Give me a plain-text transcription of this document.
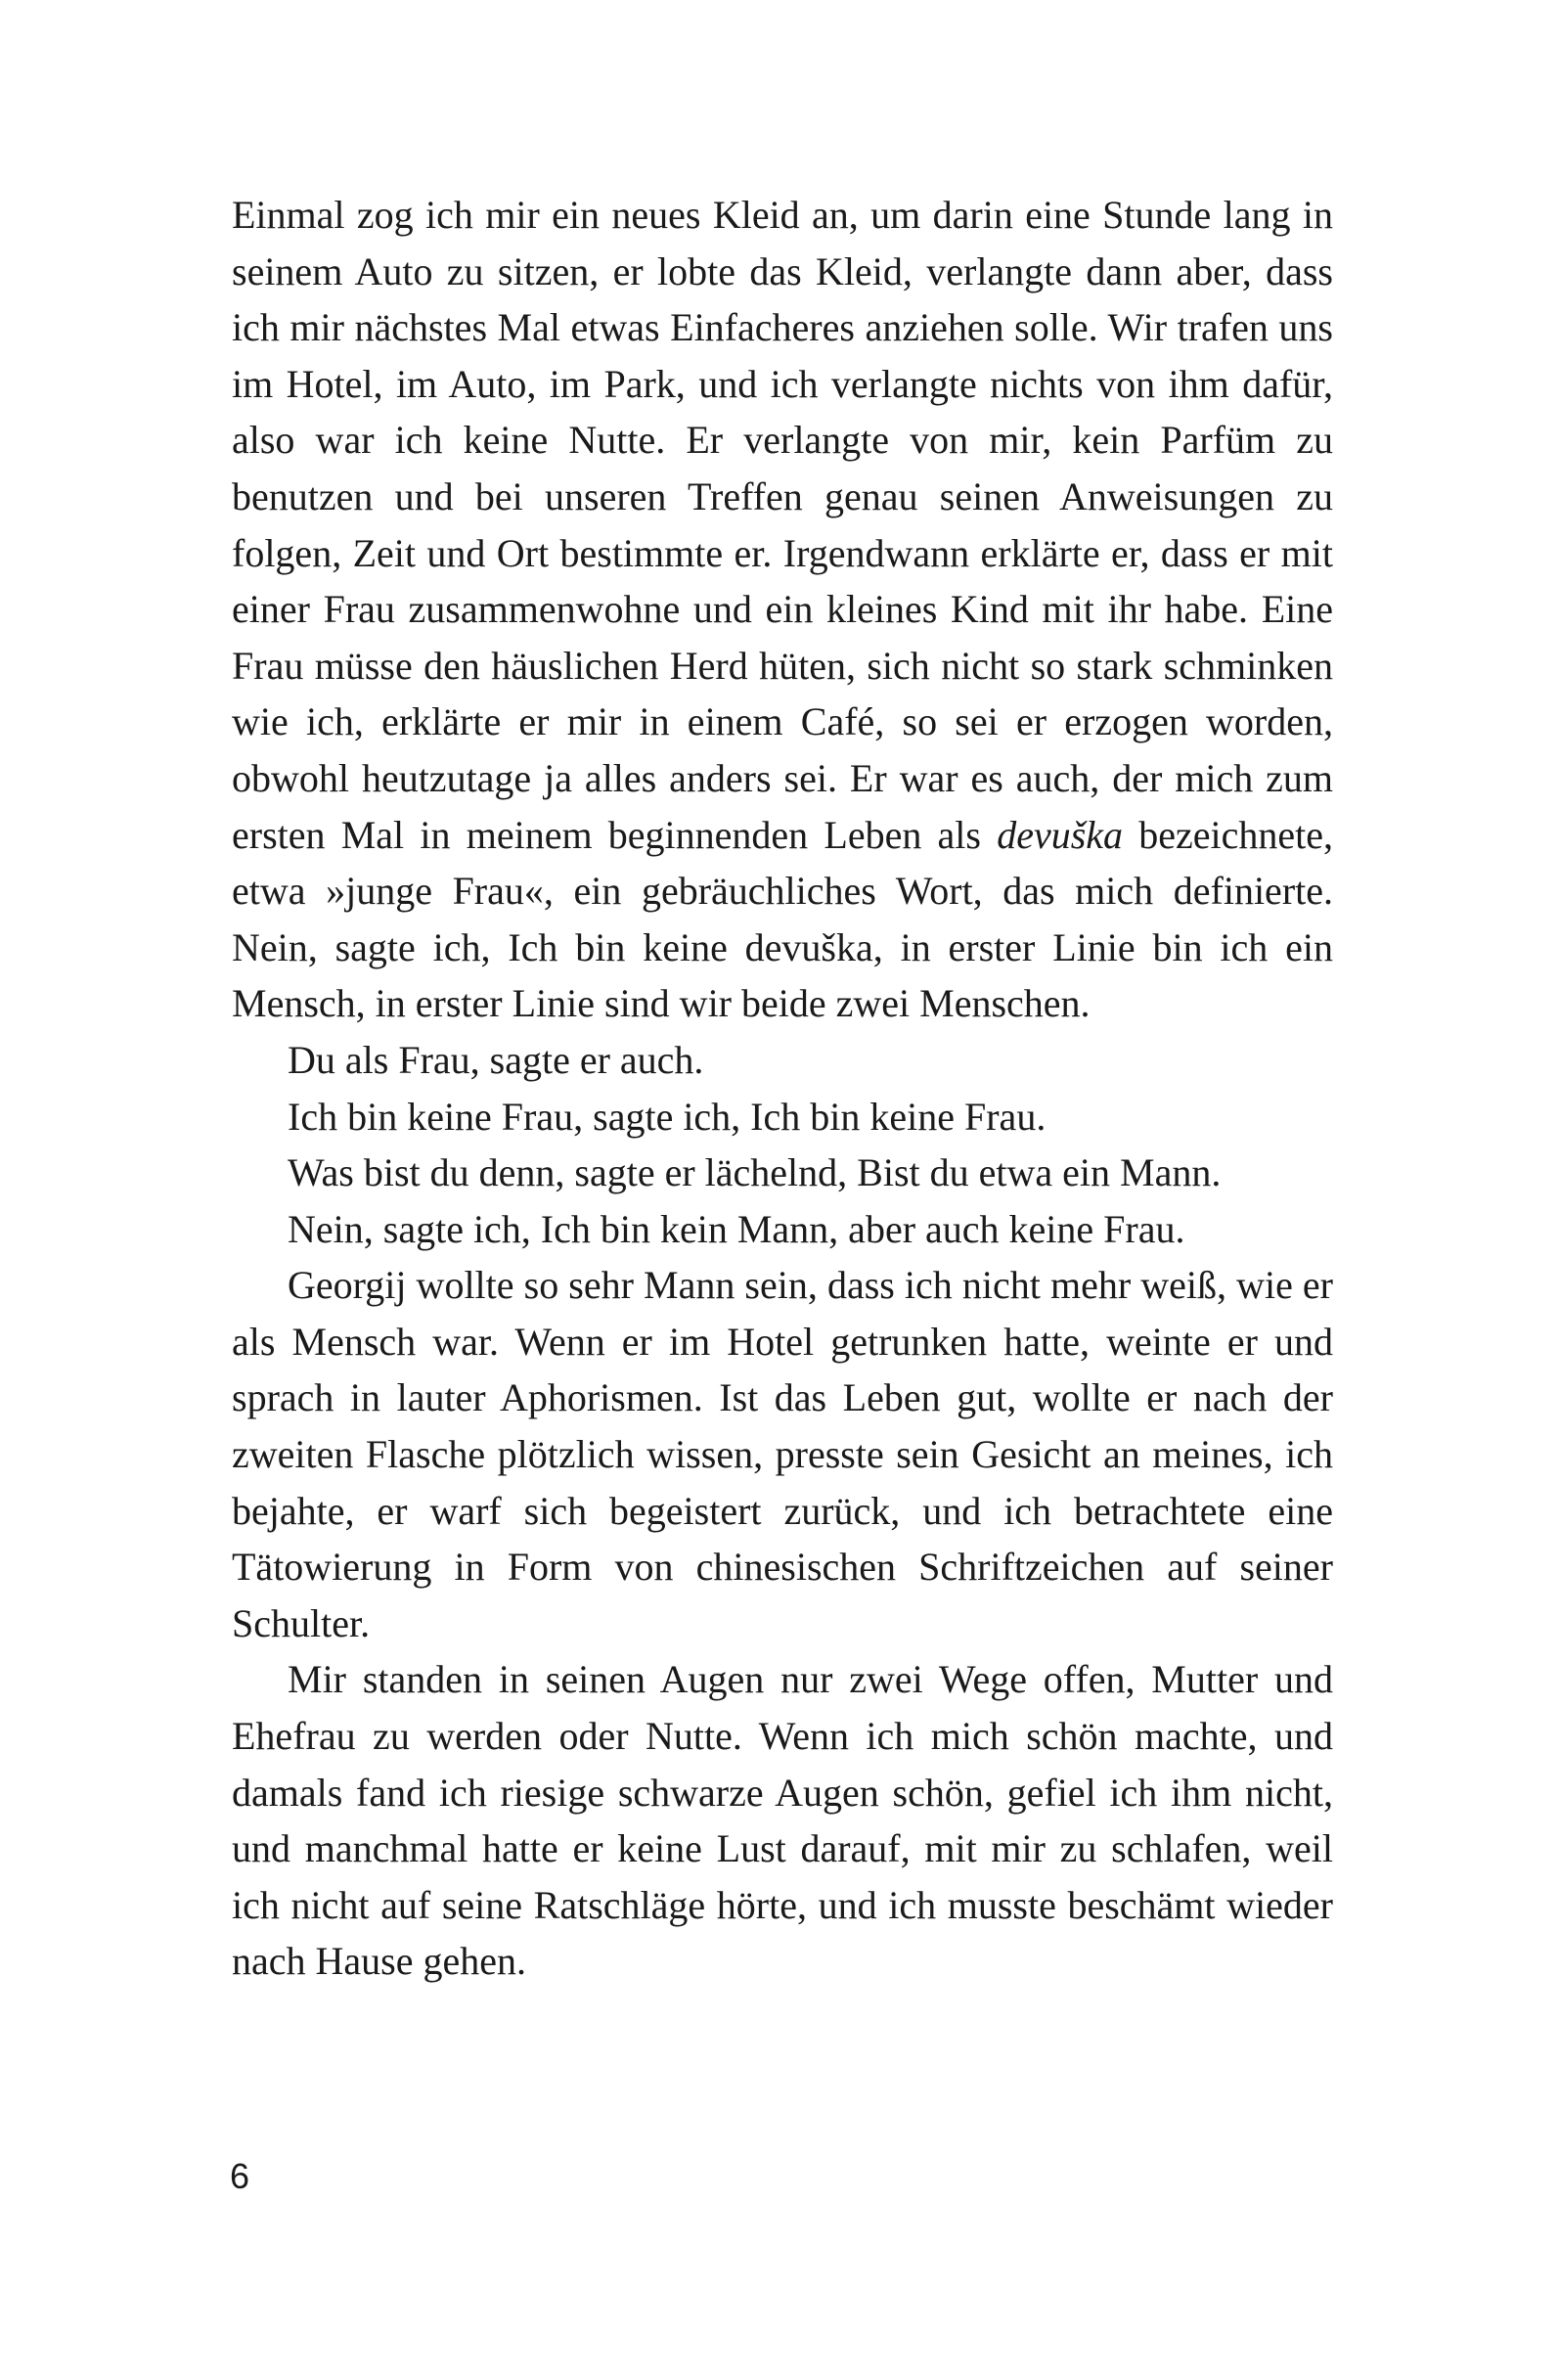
Einmal zog ich mir ein neues Kleid an, um darin eine Stunde lang in seinem Auto zu sitzen, er lobte das Kleid, verlangte dann aber, dass ich mir nächstes Mal etwas Einfacheres anziehen solle. Wir trafen uns im Hotel, im Auto, im Park, und ich verlangte nichts von ihm dafür, also war ich keine Nutte. Er verlangte von mir, kein Parfüm zu benutzen und bei unseren Treffen genau seinen Anweisungen zu folgen, Zeit und Ort bestimmte er. Irgendwann erklärte er, dass er mit einer Frau zusammenwohne und ein kleines Kind mit ihr habe. Eine Frau müsse den häuslichen Herd hüten, sich nicht so stark schminken wie ich, erklärte er mir in einem Café, so sei er erzogen worden, obwohl heutzutage ja alles anders sei. Er war es auch, der mich zum ersten Mal in meinem beginnenden Leben als devuška bezeichnete, etwa »junge Frau«, ein gebräuchliches Wort, das mich definierte. Nein, sagte ich, Ich bin keine devuška, in erster Linie bin ich ein Mensch, in erster Linie sind wir beide zwei Menschen.

Du als Frau, sagte er auch.

Ich bin keine Frau, sagte ich, Ich bin keine Frau.

Was bist du denn, sagte er lächelnd, Bist du etwa ein Mann.

Nein, sagte ich, Ich bin kein Mann, aber auch keine Frau.

Georgij wollte so sehr Mann sein, dass ich nicht mehr weiß, wie er als Mensch war. Wenn er im Hotel getrunken hatte, weinte er und sprach in lauter Aphorismen. Ist das Leben gut, wollte er nach der zweiten Flasche plötzlich wissen, presste sein Gesicht an meines, ich bejahte, er warf sich begeistert zurück, und ich betrachtete eine Tätowierung in Form von chinesischen Schriftzeichen auf seiner Schulter.

Mir standen in seinen Augen nur zwei Wege offen, Mutter und Ehefrau zu werden oder Nutte. Wenn ich mich schön machte, und damals fand ich riesige schwarze Augen schön, gefiel ich ihm nicht, und manchmal hatte er keine Lust darauf, mit mir zu schlafen, weil ich nicht auf seine Ratschläge hörte, und ich musste beschämt wieder nach Hause gehen.

6
